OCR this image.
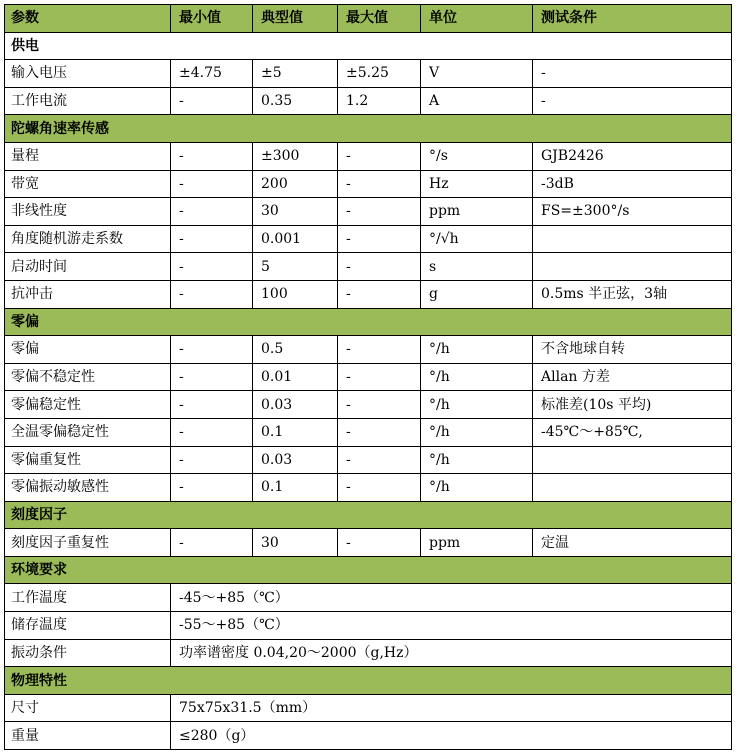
参数	最小值	典型值	最大值	单位	测试条件
供电					
输入电压	±4.75	±5	±5.25	V	-
工作电流	-	0.35	1.2	A	-
陀螺角速率传感					
量程	-	±300	-	°/s	GJB2426
带宽	-	200	-	Hz	-3dB
非线性度	-	30	-	ppm	FS=±300°/s
角度随机游走系数	-	0.001	-	°/√h	
启动时间	-	5	-	s	
抗冲击	-	100	-	g	0.5ms 半正弦，3轴
零偏					
零偏	-	0.5	-	°/h	不含地球自转
零偏不稳定性	-	0.01	-	°/h	Allan 方差
零偏稳定性	-	0.03	-	°/h	标准差(10s 平均)
全温零偏稳定性	-	0.1	-	°/h	-45℃～+85℃,
零偏重复性	-	0.03	-	°/h	
零偏振动敏感性	-	0.1	-	°/h	
刻度因子					
刻度因子重复性	-	30	-	ppm	定温
环境要求					
工作温度	-45～+85（℃）				
储存温度	-55～+85（℃）				
振动条件	功率谱密度 0.04,20～2000（g,Hz）				
物理特性					
尺寸	75x75x31.5（mm）				
重量	≤280（g）				
